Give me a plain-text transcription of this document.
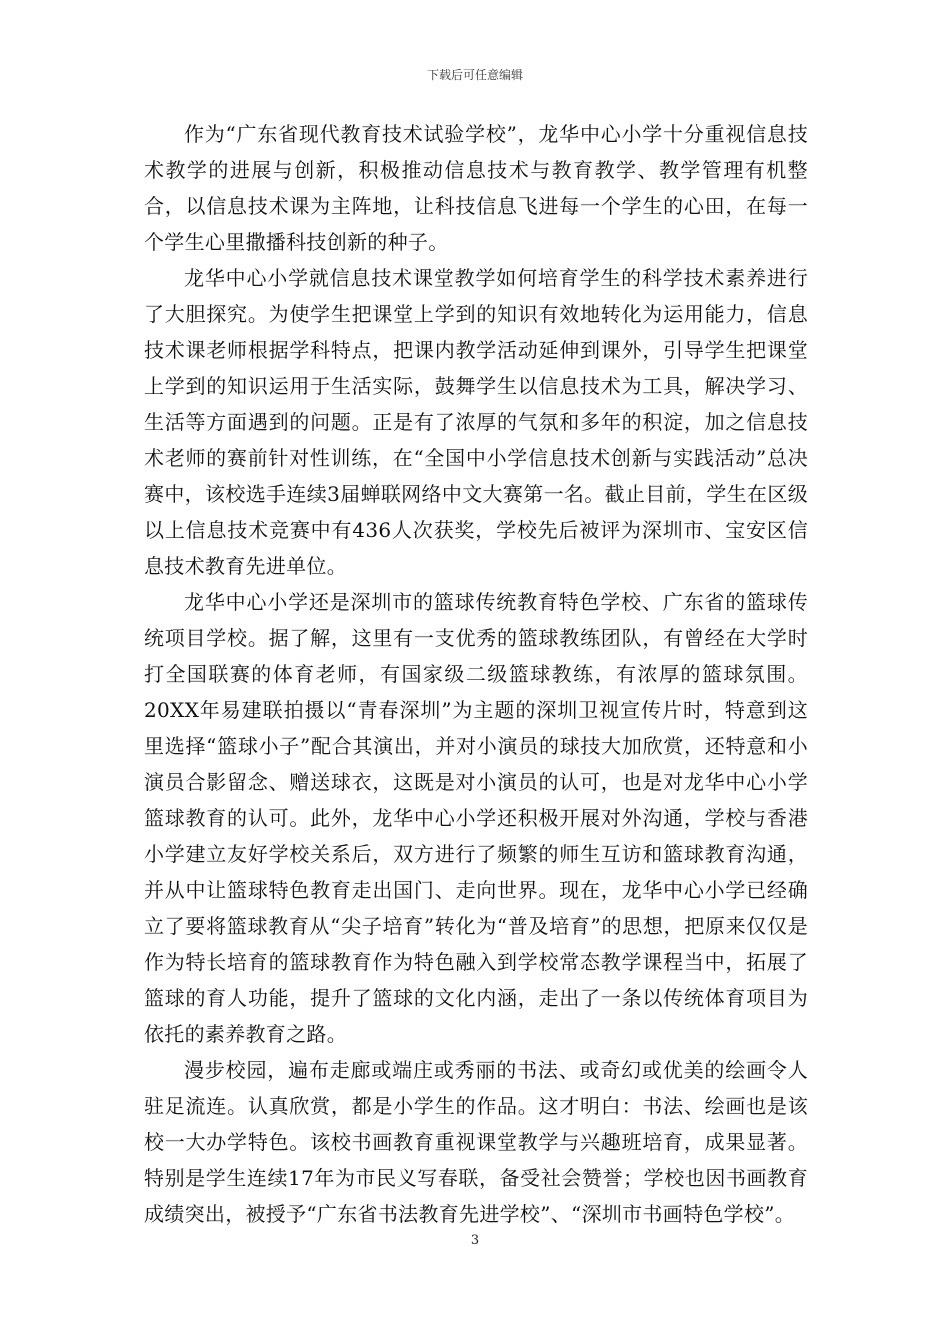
下载后可任意编辑

作为“广东省现代教育技术试验学校”，龙华中心小学十分重视信息技术教学的进展与创新，积极推动信息技术与教育教学、教学管理有机整合，以信息技术课为主阵地，让科技信息飞进每一个学生的心田，在每一个学生心里撒播科技创新的种子。

龙华中心小学就信息技术课堂教学如何培育学生的科学技术素养进行了大胆探究。为使学生把课堂上学到的知识有效地转化为运用能力，信息技术课老师根据学科特点，把课内教学活动延伸到课外，引导学生把课堂上学到的知识运用于生活实际，鼓舞学生以信息技术为工具，解决学习、生活等方面遇到的问题。正是有了浓厚的气氛和多年的积淀，加之信息技术老师的赛前针对性训练，在“全国中小学信息技术创新与实践活动”总决赛中，该校选手连续3届蝉联网络中文大赛第一名。截止目前，学生在区级以上信息技术竞赛中有436人次获奖，学校先后被评为深圳市、宝安区信息技术教育先进单位。

龙华中心小学还是深圳市的篮球传统教育特色学校、广东省的篮球传统项目学校。据了解，这里有一支优秀的篮球教练团队，有曾经在大学时打全国联赛的体育老师，有国家级二级篮球教练，有浓厚的篮球氛围。20XX年易建联拍摄以“青春深圳”为主题的深圳卫视宣传片时，特意到这里选择“篮球小子”配合其演出，并对小演员的球技大加欣赏，还特意和小演员合影留念、赠送球衣，这既是对小演员的认可，也是对龙华中心小学篮球教育的认可。此外，龙华中心小学还积极开展对外沟通，学校与香港小学建立友好学校关系后，双方进行了频繁的师生互访和篮球教育沟通，并从中让篮球特色教育走出国门、走向世界。现在，龙华中心小学已经确立了要将篮球教育从“尖子培育”转化为“普及培育”的思想，把原来仅仅是作为特长培育的篮球教育作为特色融入到学校常态教学课程当中，拓展了篮球的育人功能，提升了篮球的文化内涵，走出了一条以传统体育项目为依托的素养教育之路。

漫步校园，遍布走廊或端庄或秀丽的书法、或奇幻或优美的绘画令人驻足流连。认真欣赏，都是小学生的作品。这才明白：书法、绘画也是该校一大办学特色。该校书画教育重视课堂教学与兴趣班培育，成果显著。特别是学生连续17年为市民义写春联，备受社会赞誉；学校也因书画教育成绩突出，被授予“广东省书法教育先进学校”、“深圳市书画特色学校”。

3
